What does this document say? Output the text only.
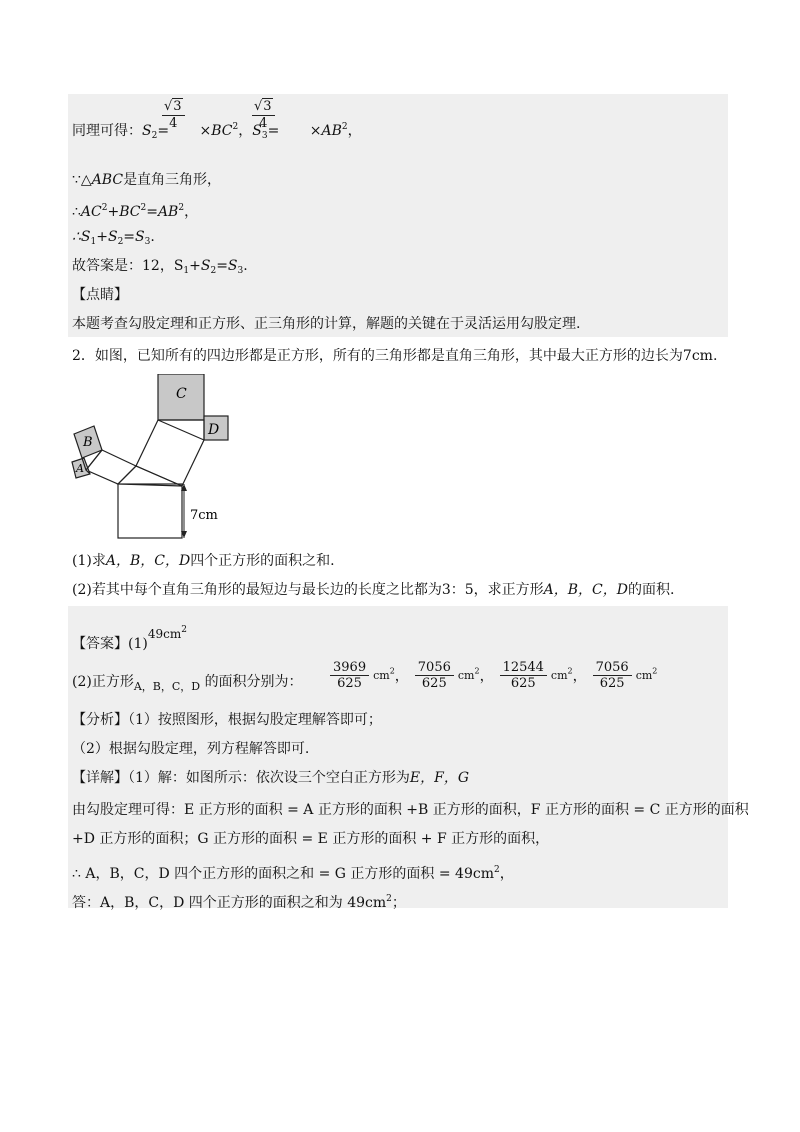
同理可得：$S_2= \times BC^2$，$S_3= \times AB^2$，
$\frac{√3}{4}$	$\frac{√3}{4}$
∵△ABC是直角三角形，
$\therefore AC^2+BC^2=AB^2$，
$\therefore S_1+S_2=S_3$.
故答案是：12，$S_1+S_2=S_3$.
【点睛】
本题考查勾股定理和正方形、正三角形的计算，解题的关键在于灵活运用勾股定理.
2．如图，已知所有的四边形都是正方形，所有的三角形都是直角三角形，其中最大正方形的边长为7cm.
C
D
B
A
7cm
(1)求A，B，C，D四个正方形的面积之和.
(2)若其中每个直角三角形的最短边与最长边的长度之比都为3：5，求正方形A，B，C，D的面积.
【答案】$(1)49cm^2$
(2)正方形$_{A,B,C,D}$ 的面积分别为： $\frac{3969}{625} cm^2$， $\frac{7056}{625} cm^2$， $\frac{12544}{625} cm^2$， $\frac{7056}{625} cm^2$
【分析】（1）按照图形，根据勾股定理解答即可；
（2）根据勾股定理，列方程解答即可.
【详解】（1）解：如图所示：依次设三个空白正方形为E，F，G
由勾股定理可得：E 正方形的面积 = A 正方形的面积 +B 正方形的面积，F 正方形的面积 = C 正方形的面积
+D 正方形的面积；G 正方形的面积 = E 正方形的面积 + F 正方形的面积，
∴ A，B，C，D 四个正方形的面积之和 = G 正方形的面积 = $49cm^2$，
答：A，B，C，D 四个正方形的面积之和为 $49cm^2$；
